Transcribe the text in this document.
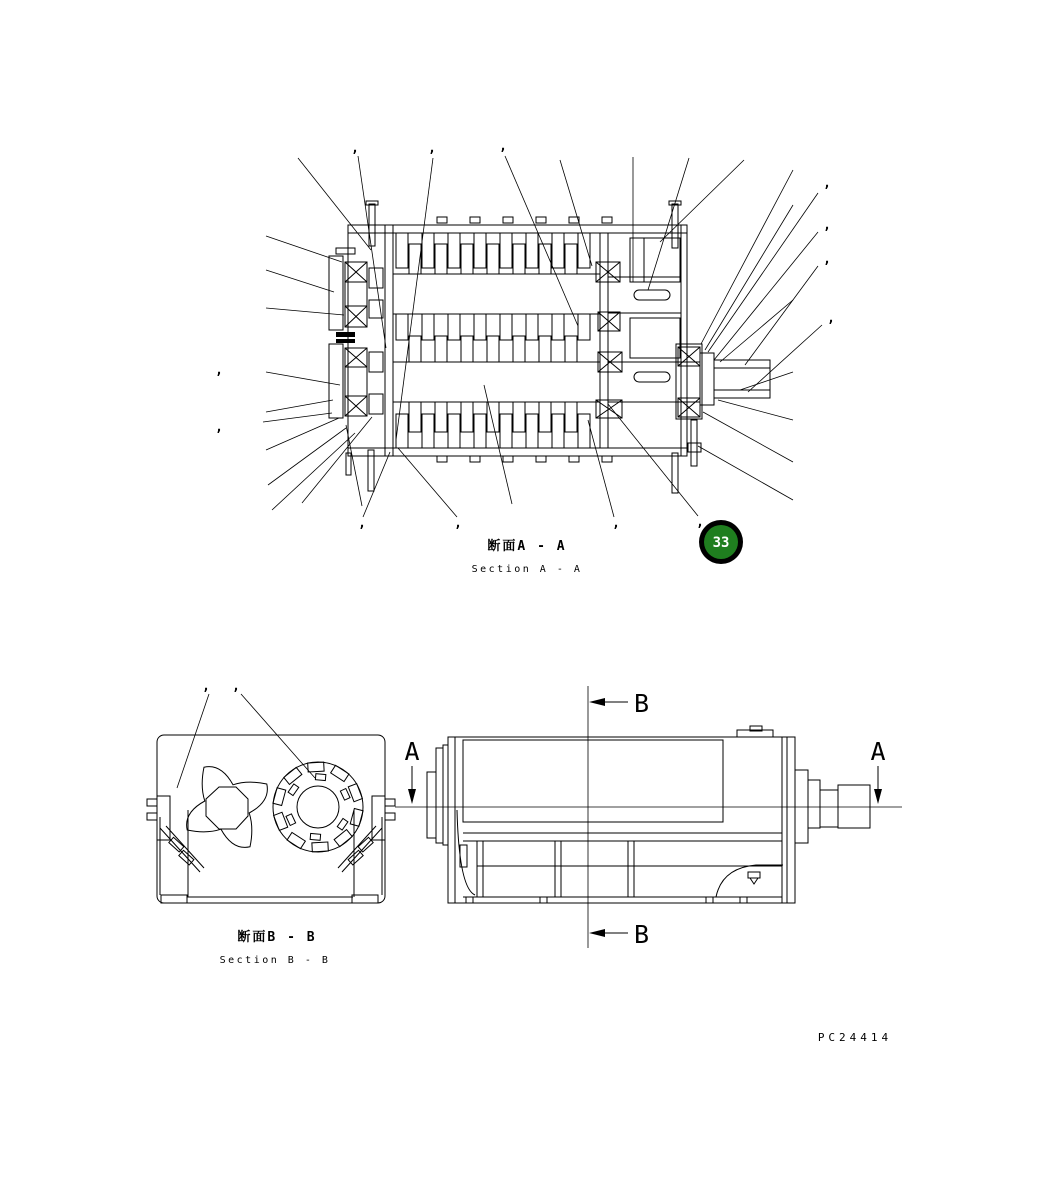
A	A
B
B
,	,	,
,
,
,
,
,
,
,	,	,	,
, ,
33
断面A - A
Section A - A
断面B - B
Section B - B
PC24414
